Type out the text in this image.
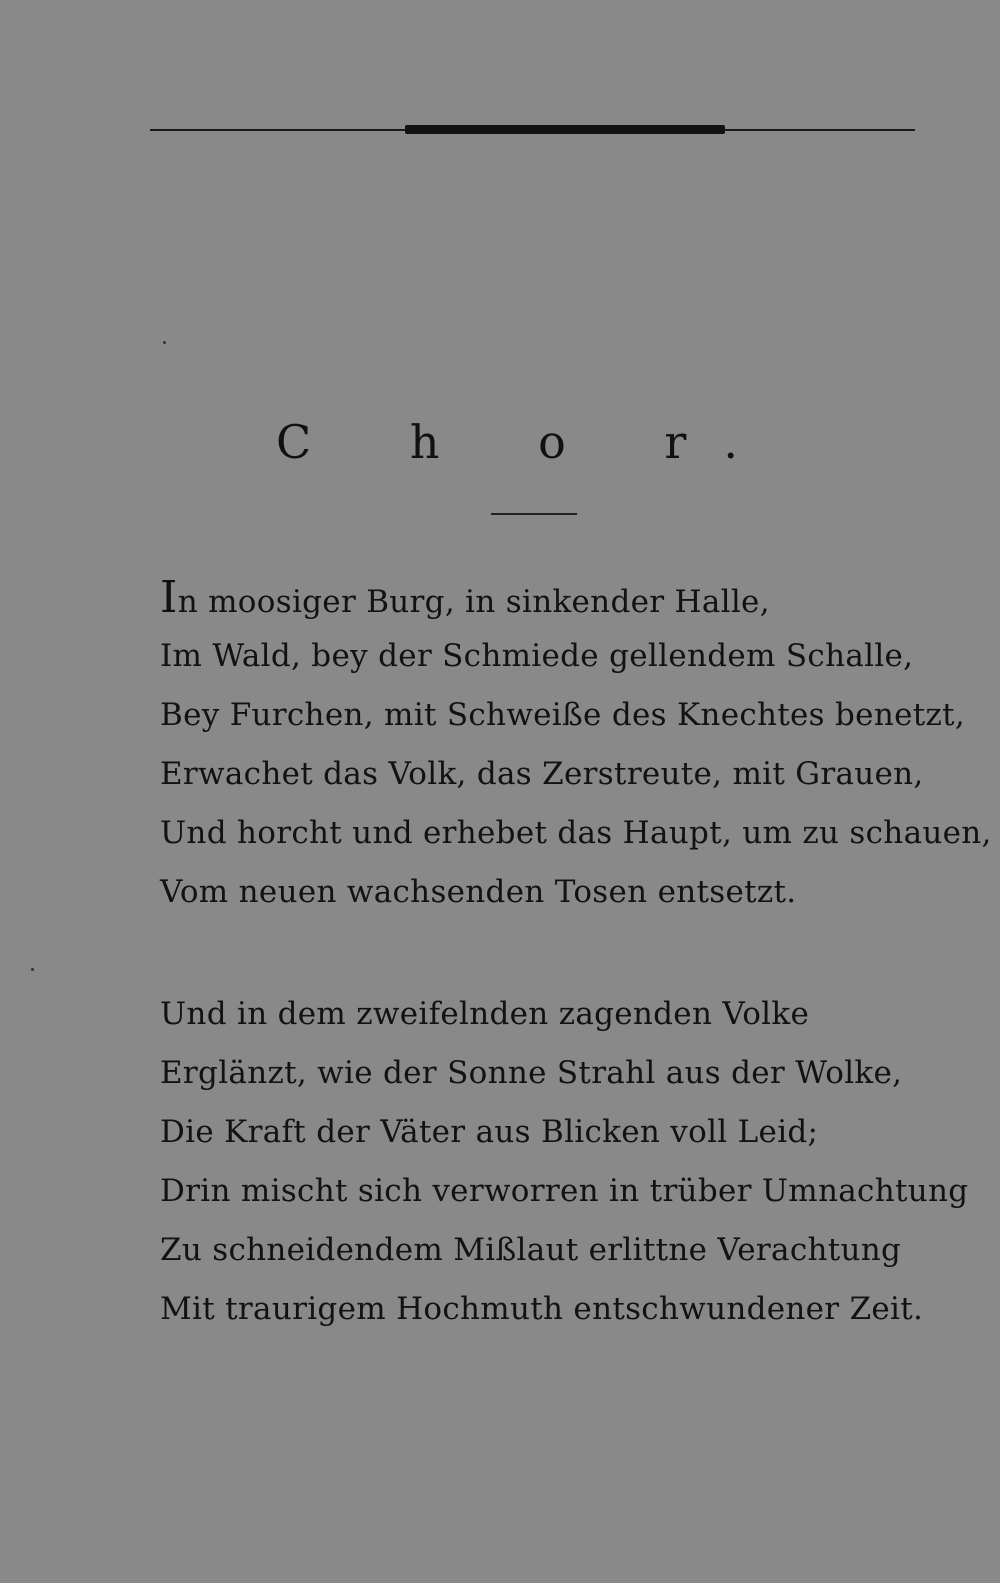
C h o r.
In moosiger Burg, in sinkender Halle,
Im Wald, bey der Schmiede gellendem Schalle,
Bey Furchen, mit Schweiße des Knechtes benetzt,
Erwachet das Volk, das Zerstreute, mit Grauen,
Und horcht und erhebet das Haupt, um zu schauen,
Vom neuen wachsenden Tosen entsetzt.
Und in dem zweifelnden zagenden Volke
Erglänzt, wie der Sonne Strahl aus der Wolke,
Die Kraft der Väter aus Blicken voll Leid;
Drin mischt sich verworren in trüber Umnachtung
Zu schneidendem Mißlaut erlittne Verachtung
Mit traurigem Hochmuth entschwundener Zeit.
